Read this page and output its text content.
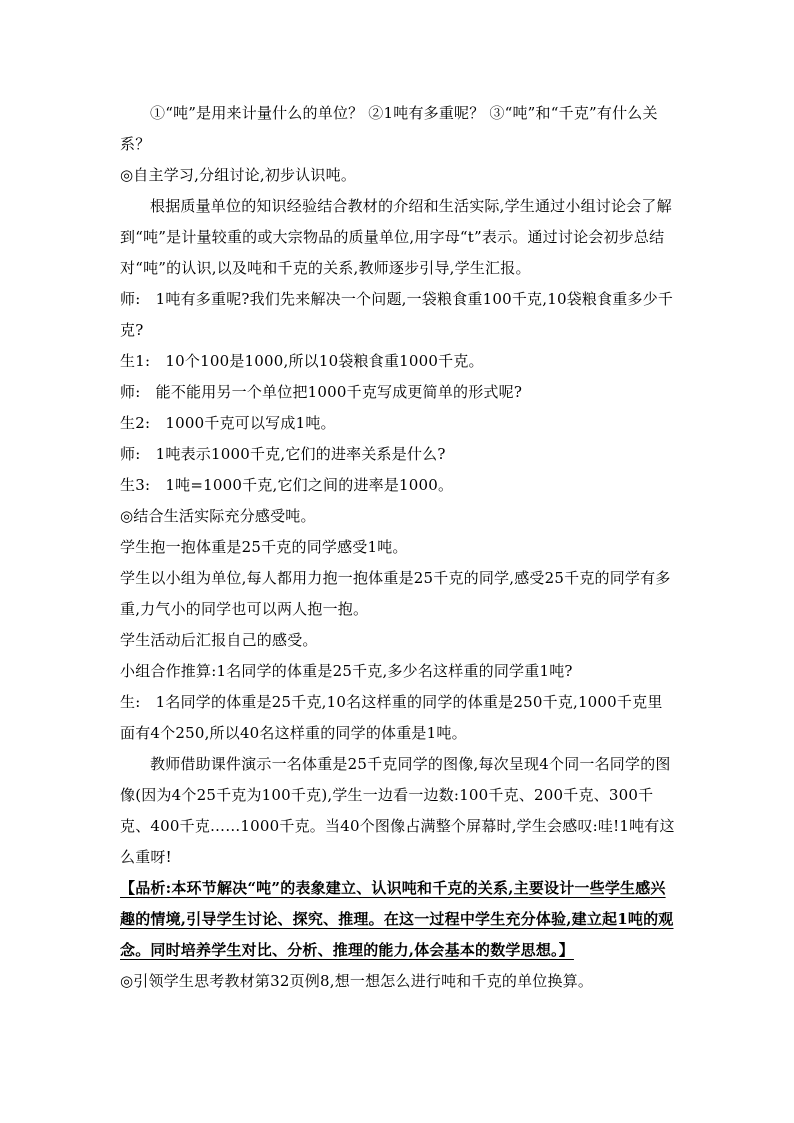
①“吨”是用来计量什么的单位？ ②1吨有多重呢？ ③“吨”和“千克”有什么关系？

◎自主学习,分组讨论,初步认识吨。

根据质量单位的知识经验结合教材的介绍和生活实际,学生通过小组讨论会了解到“吨”是计量较重的或大宗物品的质量单位,用字母“t”表示。通过讨论会初步总结对“吨”的认识,以及吨和千克的关系,教师逐步引导,学生汇报。

师:　1吨有多重呢?我们先来解决一个问题,一袋粮食重100千克,10袋粮食重多少千克?

生1:　10个100是1000,所以10袋粮食重1000千克。

师:　能不能用另一个单位把1000千克写成更简单的形式呢?

生2:　1000千克可以写成1吨。

师:　1吨表示1000千克,它们的进率关系是什么?

生3:　1吨=1000千克,它们之间的进率是1000。

◎结合生活实际充分感受吨。

学生抱一抱体重是25千克的同学感受1吨。

学生以小组为单位,每人都用力抱一抱体重是25千克的同学,感受25千克的同学有多重,力气小的同学也可以两人抱一抱。

学生活动后汇报自己的感受。

小组合作推算:1名同学的体重是25千克,多少名这样重的同学重1吨?

生:　1名同学的体重是25千克,10名这样重的同学的体重是250千克,1000千克里面有4个250,所以40名这样重的同学的体重是1吨。

教师借助课件演示一名体重是25千克同学的图像,每次呈现4个同一名同学的图像(因为4个25千克为100千克),学生一边看一边数:100千克、200千克、300千克、400千克……1000千克。当40个图像占满整个屏幕时,学生会感叹:哇!1吨有这么重呀!

【品析:本环节解决“吨”的表象建立、认识吨和千克的关系,主要设计一些学生感兴趣的情境,引导学生讨论、探究、推理。在这一过程中学生充分体验,建立起1吨的观念。同时培养学生对比、分析、推理的能力,体会基本的数学思想。】

◎引领学生思考教材第32页例8,想一想怎么进行吨和千克的单位换算。
